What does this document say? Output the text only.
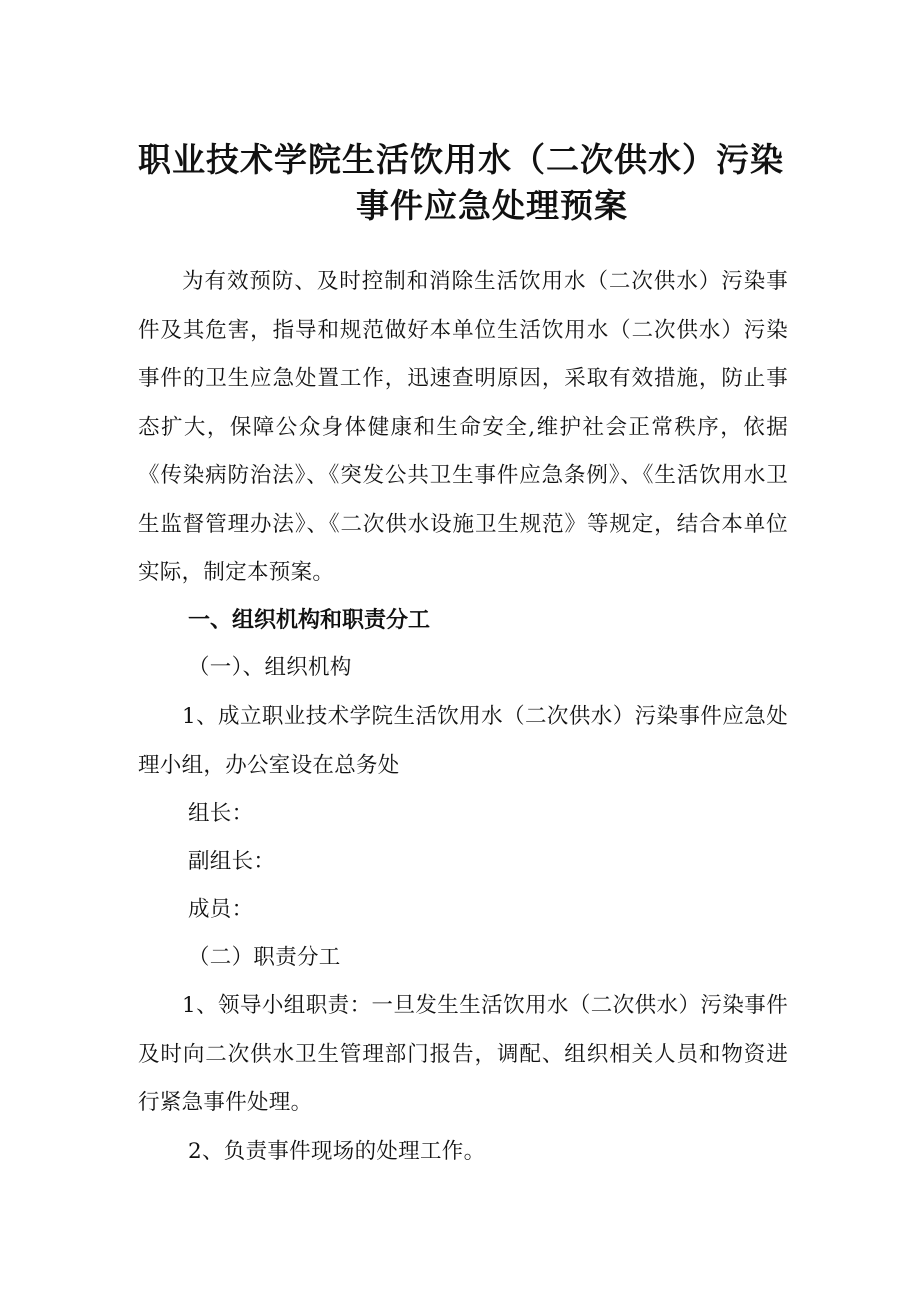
职业技术学院生活饮用水（二次供水）污染
事件应急处理预案
为有效预防、及时控制和消除生活饮用水（二次供水）污染事件及其危害，指导和规范做好本单位生活饮用水（二次供水）污染事件的卫生应急处置工作，迅速查明原因，采取有效措施，防止事态扩大，保障公众身体健康和生命安全,维护社会正常秩序，依据《传染病防治法》、《突发公共卫生事件应急条例》、《生活饮用水卫生监督管理办法》、《二次供水设施卫生规范》等规定，结合本单位实际，制定本预案。
一、组织机构和职责分工
（一）、组织机构
1、成立职业技术学院生活饮用水（二次供水）污染事件应急处理小组，办公室设在总务处
组长：
副组长：
成员：
（二）职责分工
1、领导小组职责：一旦发生生活饮用水（二次供水）污染事件及时向二次供水卫生管理部门报告，调配、组织相关人员和物资进行紧急事件处理。
2、负责事件现场的处理工作。
